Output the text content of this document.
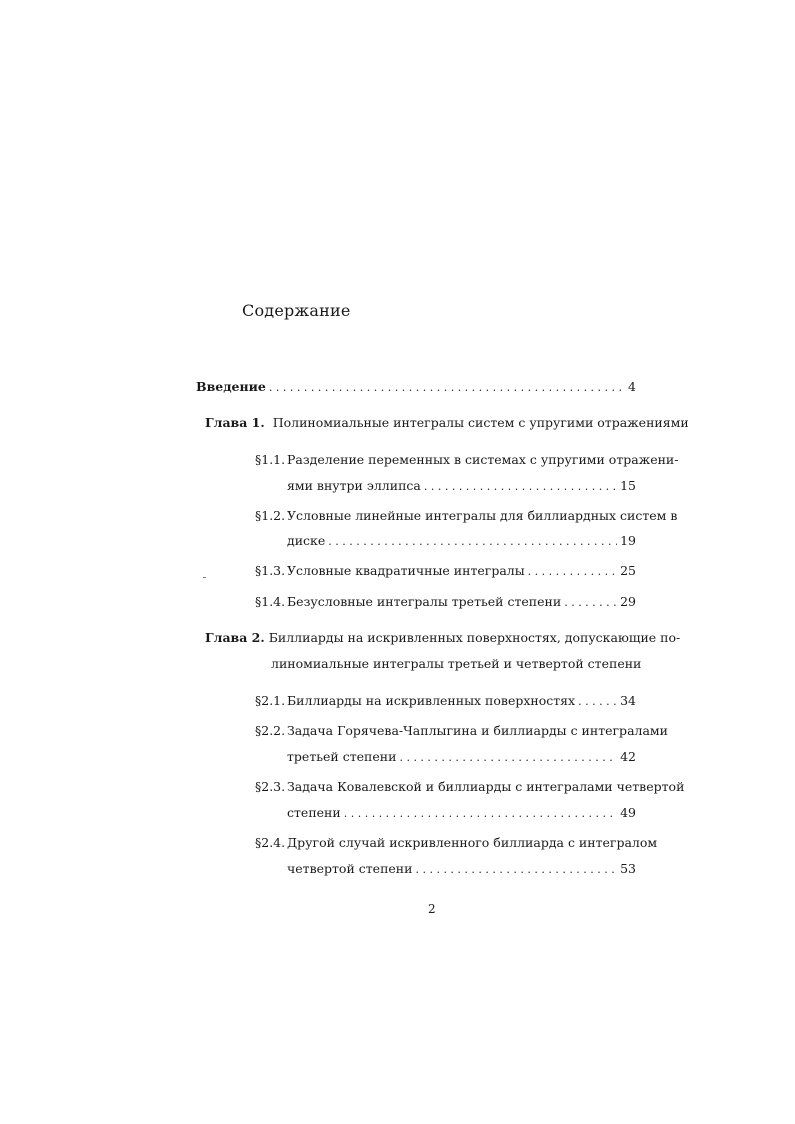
Содержание
Введение . . .	4
Глава 1. Полиномиальные интегралы систем с упругими отражениями
§1.1. Разделение переменных в системах с упругими отражени-
ями внутри эллипса . . .	15
§1.2. Условные линейные интегралы для биллиардных систем в
диске . . .	19
§1.3. Условные квадратичные интегралы . . .	25
§1.4. Безусловные интегралы третьей степени . . .	29
Глава 2. Биллиарды на искривленных поверхностях, допускающие по-
линомиальные интегралы третьей и четвертой степени
§2.1. Биллиарды на искривленных поверхностях . . .	34
§2.2. Задача Горячева-Чаплыгина и биллиарды с интегралами
третьей степени . . .	42
§2.3. Задача Ковалевской и биллиарды с интегралами четвертой
степени . . .	49
§2.4. Другой случай искривленного биллиарда с интегралом
четвертой степени . . .	53
2
